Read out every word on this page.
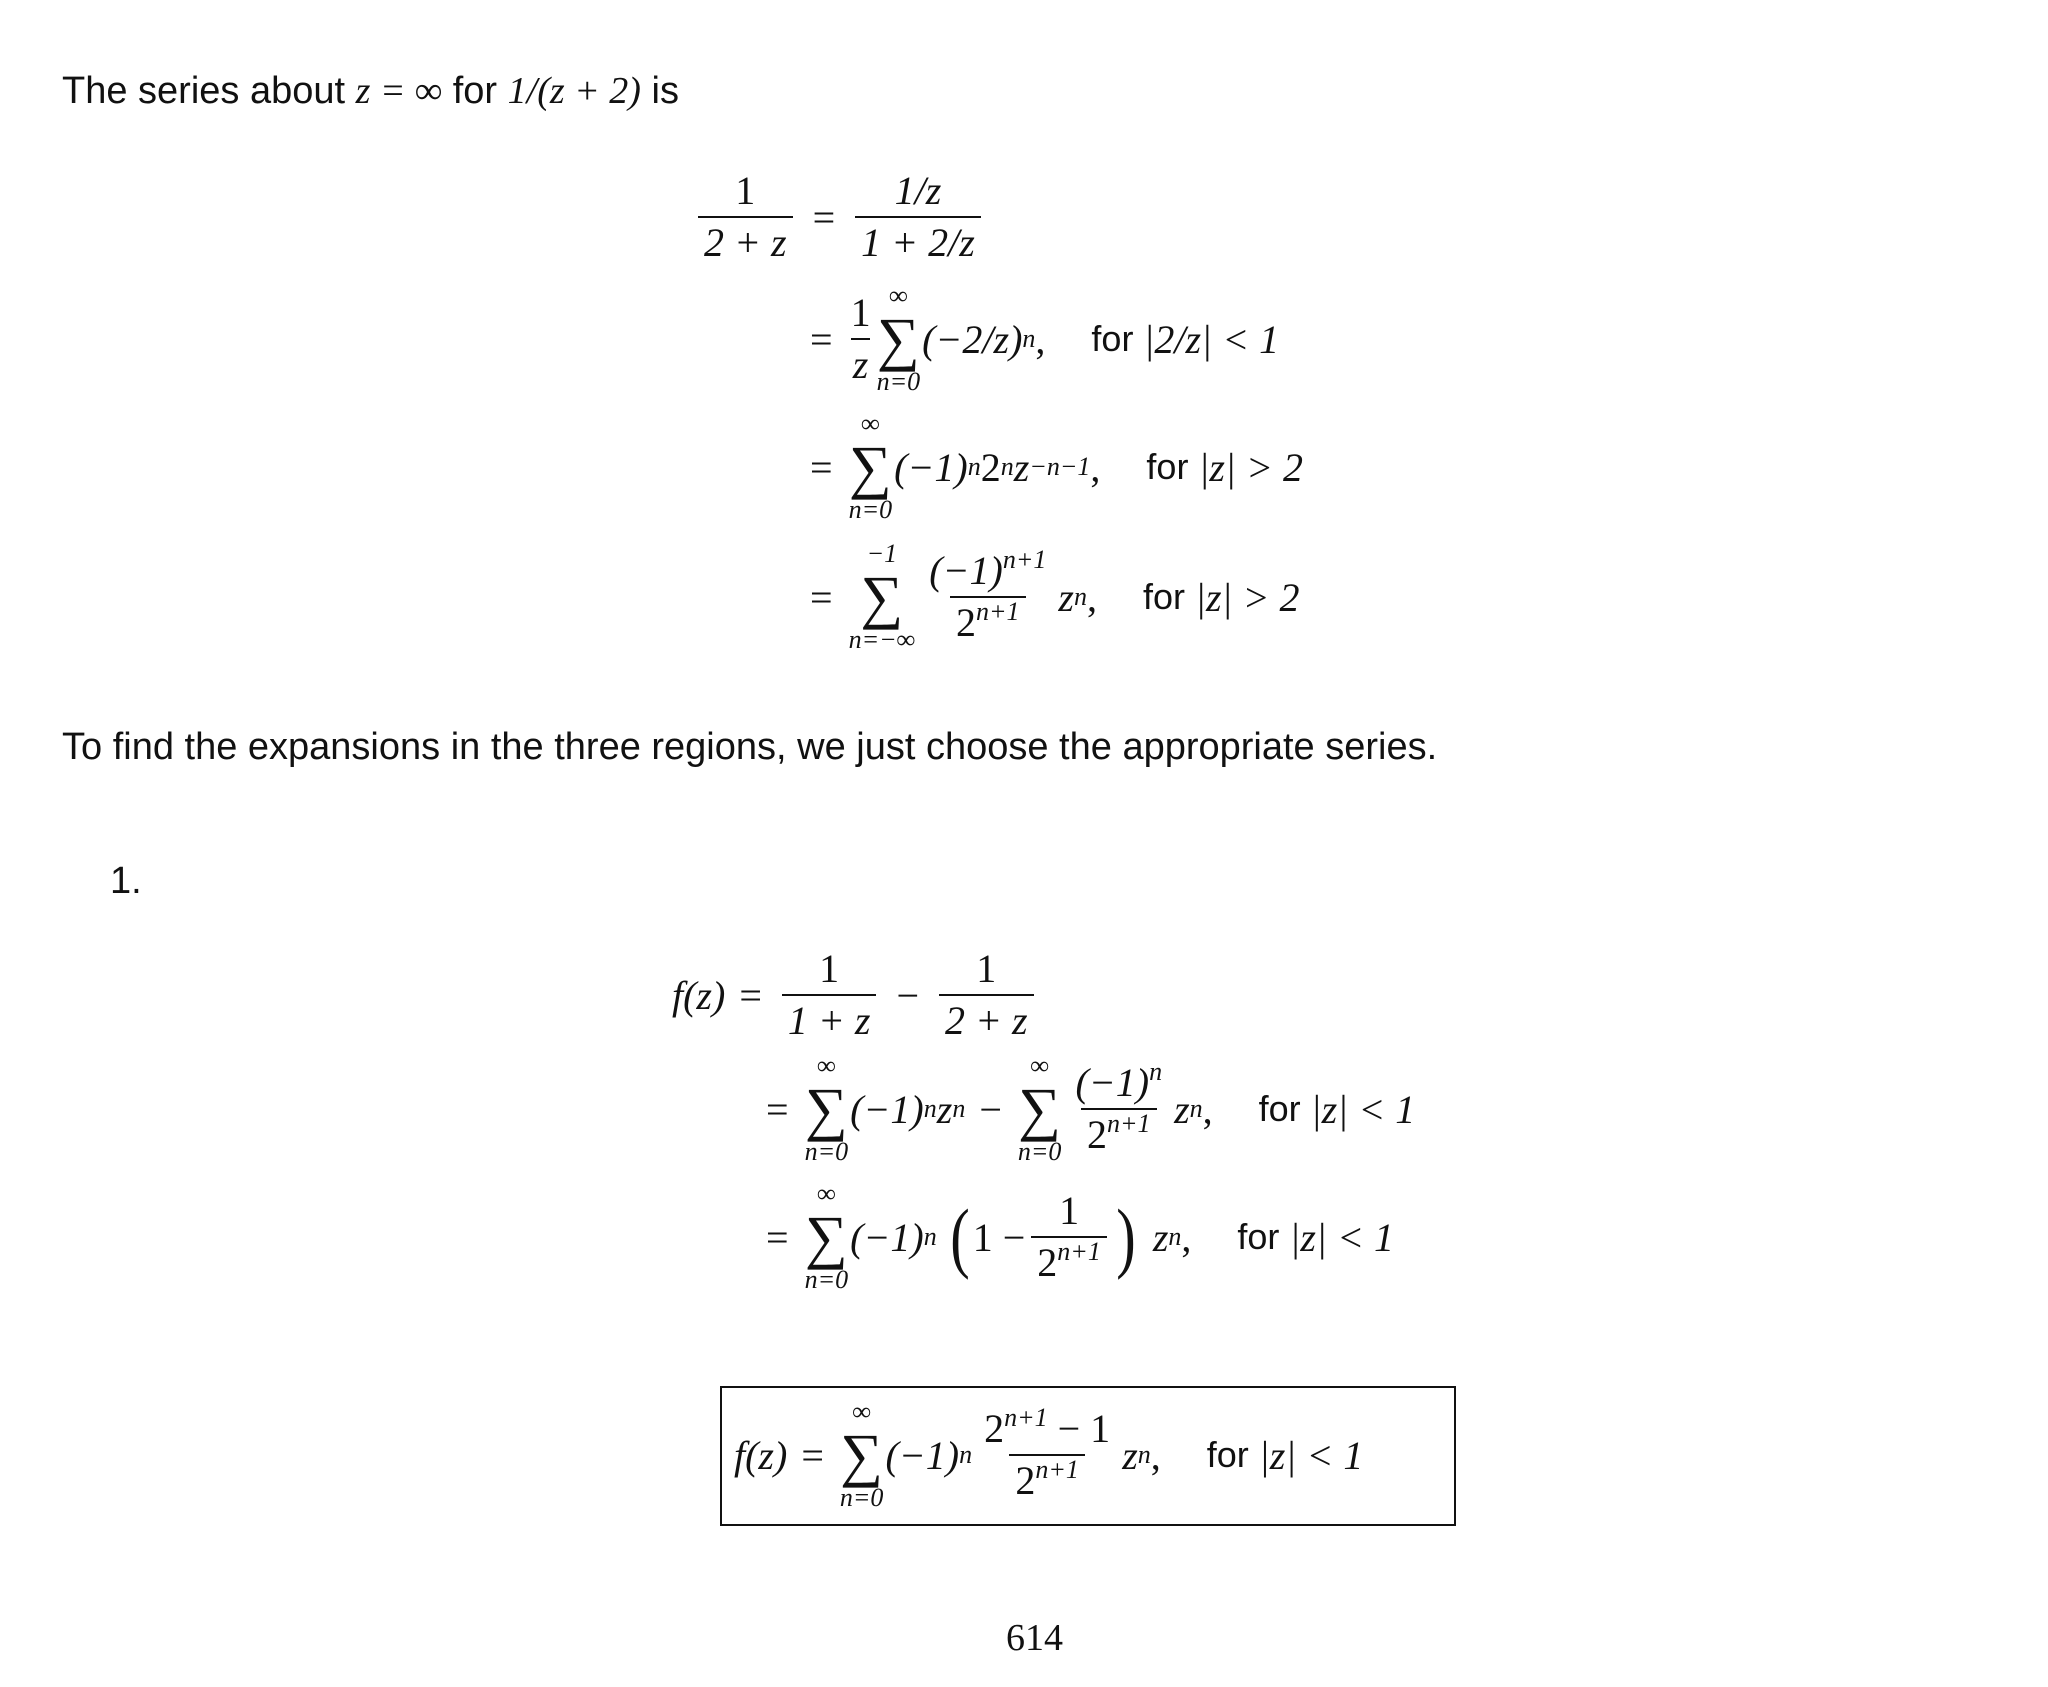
The series about z = ∞ for 1/(z + 2) is
$\frac{1}{2 + z} = \frac{1/z}{1 + 2/z}$
= $\frac{1}{z}$ ∞
∑
n=0
(−2/z) n , for |2/z| < 1
=
∞
∑
n=0
(−1) n 2 n z −n−1 , for |z| > 2
=
−1
∑
$n=-\infty \frac{(-1)^{n+1}}{2^{n+1}}$ z n , for |z| > 2
To find the expansions in the three regions, we just choose the appropriate series.
1.
$f(z) = \frac{1}{1 + z} - \frac{1}{2 + z}$
=
∞
∑
n=0
(−1) n z n −
∞
∑
$n=0 \frac{(-1)^n}{2^{n+1}}$ z n , for |z| < 1
=
∞
∑
n=0
(−1) n ( $1 - \frac{1}{2^{n+1}}$ ) z n , for |z| < 1
f(z) =
∞
∑
n=0
(−1) n $\frac{2^{n+1} - 1}{2^{n+1}}$ z n , for |z| < 1
614
